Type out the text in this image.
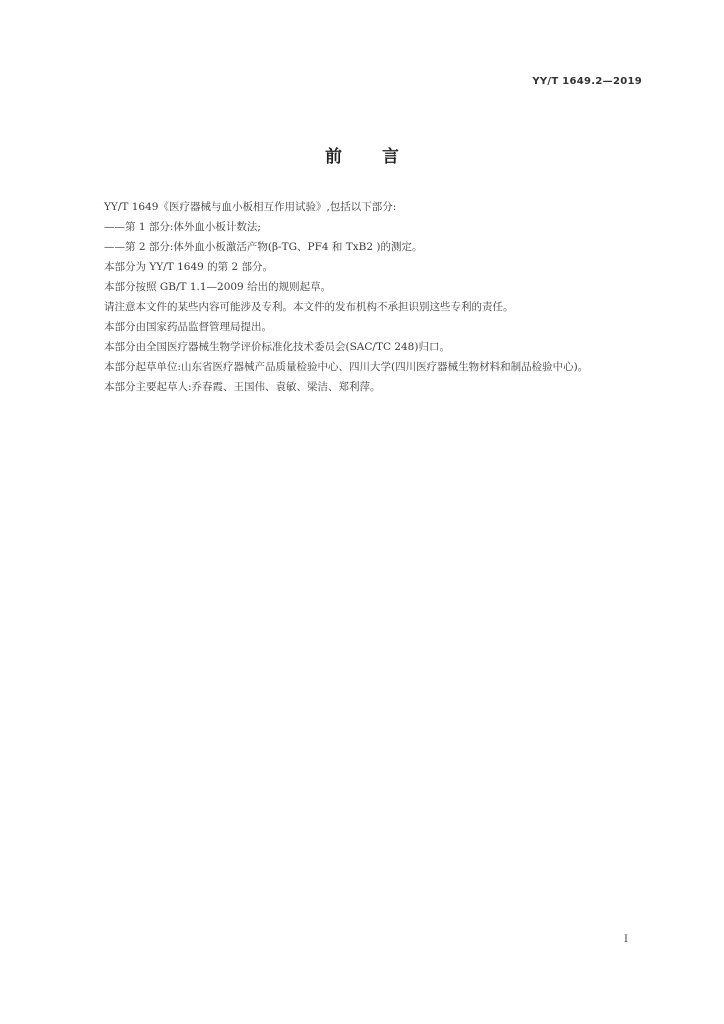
YY/T 1649.2—2019
前言

YY/T 1649《医疗器械与血小板相互作用试验》,包括以下部分:

——第 1 部分:体外血小板计数法;

——第 2 部分:体外血小板激活产物(β-TG、PF4 和 TxB2 )的测定。

本部分为 YY/T 1649 的第 2 部分。

本部分按照 GB/T 1.1—2009 给出的规则起草。

请注意本文件的某些内容可能涉及专利。本文件的发布机构不承担识别这些专利的责任。

本部分由国家药品监督管理局提出。

本部分由全国医疗器械生物学评价标准化技术委员会(SAC/TC 248)归口。

本部分起草单位:山东省医疗器械产品质量检验中心、四川大学(四川医疗器械生物材料和制品检验中心)。

本部分主要起草人:乔春霞、王国伟、袁敏、梁洁、郑利萍。

I
